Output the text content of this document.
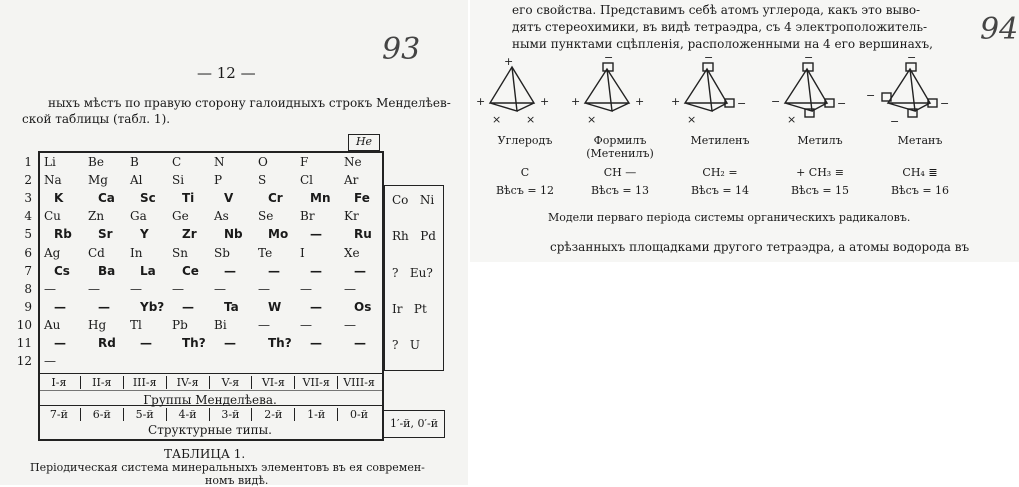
— 12 —
93
ныхъ мѣстъ по правую сторону галоидныхъ строкъ Менделѣев-
ской таблицы (табл. 1).
He
1 Li	Be B	C	N	O	F	Ne
2 Na Mg Al Si P	S	Cl	Ar
3 K	Ca Sc Ti V	Cr Mn Fe Co   Ni
4 Cu Zn Ga Ge As Se Br Kr
5 Rb Sr Y	Zr Nb Mo —	Ru Rh   Pd
6 Ag Cd In Sn Sb Te I	Xe
7 Cs Ba La Ce —	—	—	— ?   Eu?
8 —	—	—	—	—	—	—	—
9 —	—	Yb? —	Ta W —	Os Ir   Pt
10 Au Hg Tl	Pb Bi	—	—	—
11 —	Rd —	Th? —	Th? —	— ?   U
12 —
I-я	II-я	III-я	IV-я	V-я	VI-я	VII-я	VIII-я
Группы Менделѣева.
7-й	6-й	5-й	4-й	3-й	2-й	1-й	0-й
Структурные типы.	1′-й, 0′-й
ТАБЛИЦА 1.
Періодическая система минеральныхъ элементовъ въ ея современ-
номъ видѣ.
94
его свойства. Представимъ себѣ атомъ углерода, какъ это выво-
дятъ стереохимики, въ видѣ тетраэдра, съ 4 электроположитель-
ными пунктами сцѣпленія, расположенными на 4 его вершинахъ,
+
+	+
× ×
−
+	+
×
−
+	−
×
−
−	−
×
−
−
−
−
Углеродъ
C
Вѣсъ = 12
Формилъ
(Метенилъ)
CH —
Вѣсъ = 13
Метиленъ
CH₂ =
Вѣсъ = 14
Метилъ
+ CH₃ ≡
Вѣсъ = 15
Метанъ
CH₄ ≣
Вѣсъ = 16
Модели перваго періода системы органическихъ радикаловъ.
срѣзанныхъ площадками другого тетраэдра, а атомы водорода въ
